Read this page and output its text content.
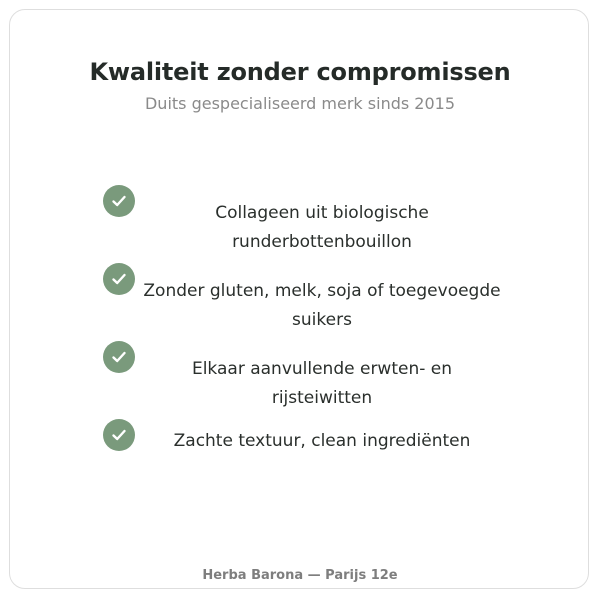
Kwaliteit zonder compromissen

Duits gespecialiseerd merk sinds 2015

Collageen uit biologische runderbottenbouillon
Zonder gluten, melk, soja of toegevoegde suikers
Elkaar aanvullende erwten- en rijsteiwitten
Zachte textuur, clean ingrediënten

Herba Barona — Parijs 12e
